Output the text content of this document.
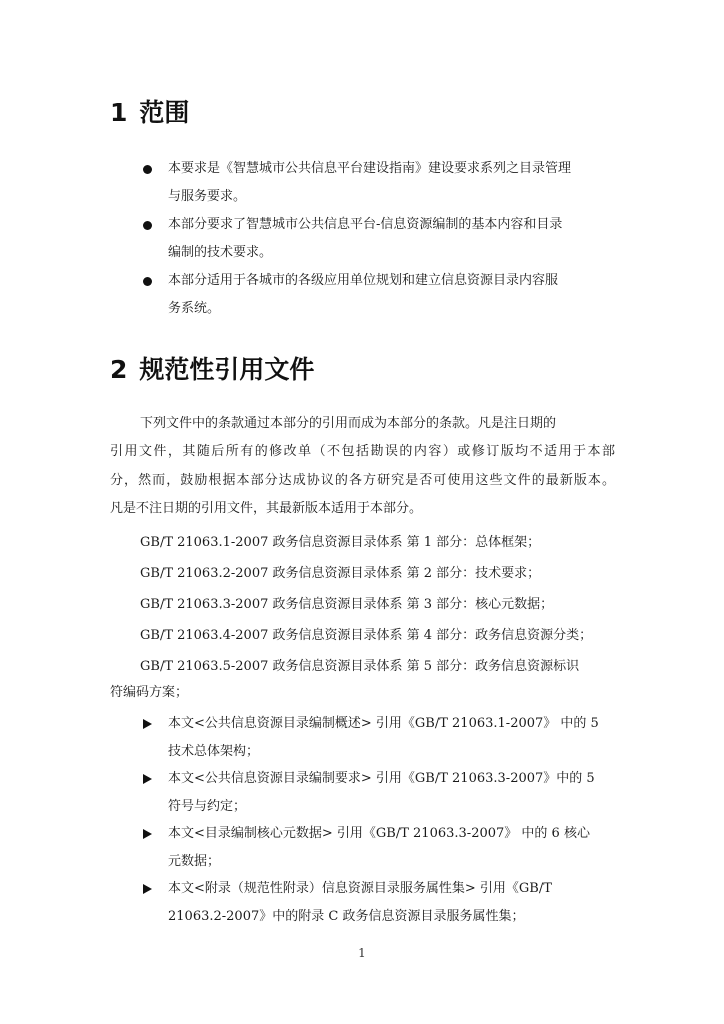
1 范围
本要求是《智慧城市公共信息平台建设指南》建设要求系列之目录管理
与服务要求。
本部分要求了智慧城市公共信息平台-信息资源编制的基本内容和目录
编制的技术要求。
本部分适用于各城市的各级应用单位规划和建立信息资源目录内容服
务系统。
2 规范性引用文件
下列文件中的条款通过本部分的引用而成为本部分的条款。凡是注日期的
引用文件，其随后所有的修改单（不包括勘误的内容）或修订版均不适用于本部
分，然而，鼓励根据本部分达成协议的各方研究是否可使用这些文件的最新版本。
凡是不注日期的引用文件，其最新版本适用于本部分。
GB/T 21063.1-2007 政务信息资源目录体系 第 1 部分：总体框架；
GB/T 21063.2-2007 政务信息资源目录体系 第 2 部分：技术要求；
GB/T 21063.3-2007 政务信息资源目录体系 第 3 部分：核心元数据；
GB/T 21063.4-2007 政务信息资源目录体系 第 4 部分：政务信息资源分类；
GB/T 21063.5-2007 政务信息资源目录体系 第 5 部分：政务信息资源标识
符编码方案；
本文<公共信息资源目录编制概述> 引用《GB/T 21063.1-2007》 中的 5
技术总体架构；
本文<公共信息资源目录编制要求> 引用《GB/T 21063.3-2007》中的 5
符号与约定；
本文<目录编制核心元数据> 引用《GB/T 21063.3-2007》 中的 6 核心
元数据；
本文<附录（规范性附录）信息资源目录服务属性集> 引用《GB/T
21063.2-2007》中的附录 C 政务信息资源目录服务属性集；
1
